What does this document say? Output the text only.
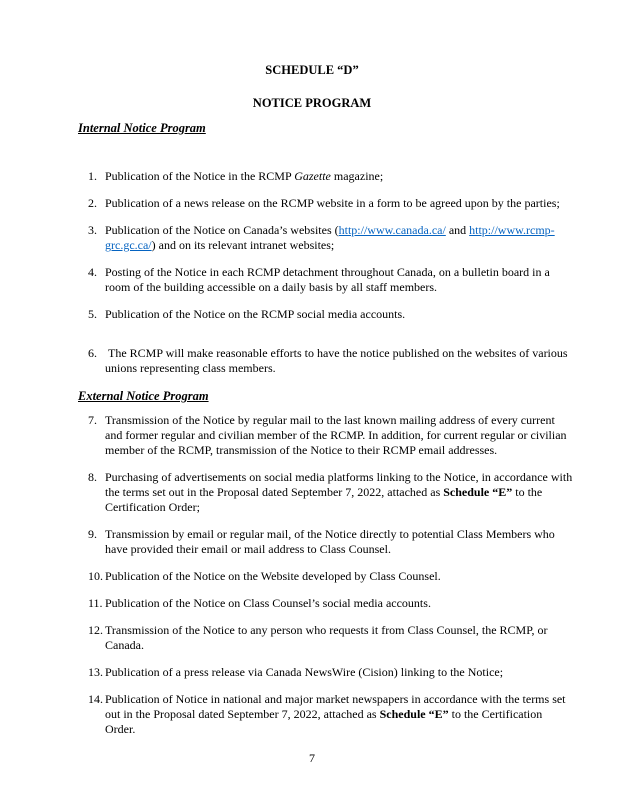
SCHEDULE “D”
NOTICE PROGRAM
Internal Notice Program
1. Publication of the Notice in the RCMP Gazette magazine;
2. Publication of a news release on the RCMP website in a form to be agreed upon by the parties;
3. Publication of the Notice on Canada’s websites (http://www.canada.ca/ and http://www.rcmp-grc.gc.ca/) and on its relevant intranet websites;
4. Posting of the Notice in each RCMP detachment throughout Canada, on a bulletin board in a room of the building accessible on a daily basis by all staff members.
5. Publication of the Notice on the RCMP social media accounts.
6. The RCMP will make reasonable efforts to have the notice published on the websites of various unions representing class members.
External Notice Program
7. Transmission of the Notice by regular mail to the last known mailing address of every current and former regular and civilian member of the RCMP. In addition, for current regular or civilian member of the RCMP, transmission of the Notice to their RCMP email addresses.
8. Purchasing of advertisements on social media platforms linking to the Notice, in accordance with the terms set out in the Proposal dated September 7, 2022, attached as Schedule “E” to the Certification Order;
9. Transmission by email or regular mail, of the Notice directly to potential Class Members who have provided their email or mail address to Class Counsel.
10. Publication of the Notice on the Website developed by Class Counsel.
11. Publication of the Notice on Class Counsel’s social media accounts.
12. Transmission of the Notice to any person who requests it from Class Counsel, the RCMP, or Canada.
13. Publication of a press release via Canada NewsWire (Cision) linking to the Notice;
14. Publication of Notice in national and major market newspapers in accordance with the terms set out in the Proposal dated September 7, 2022, attached as Schedule “E” to the Certification Order.
7
